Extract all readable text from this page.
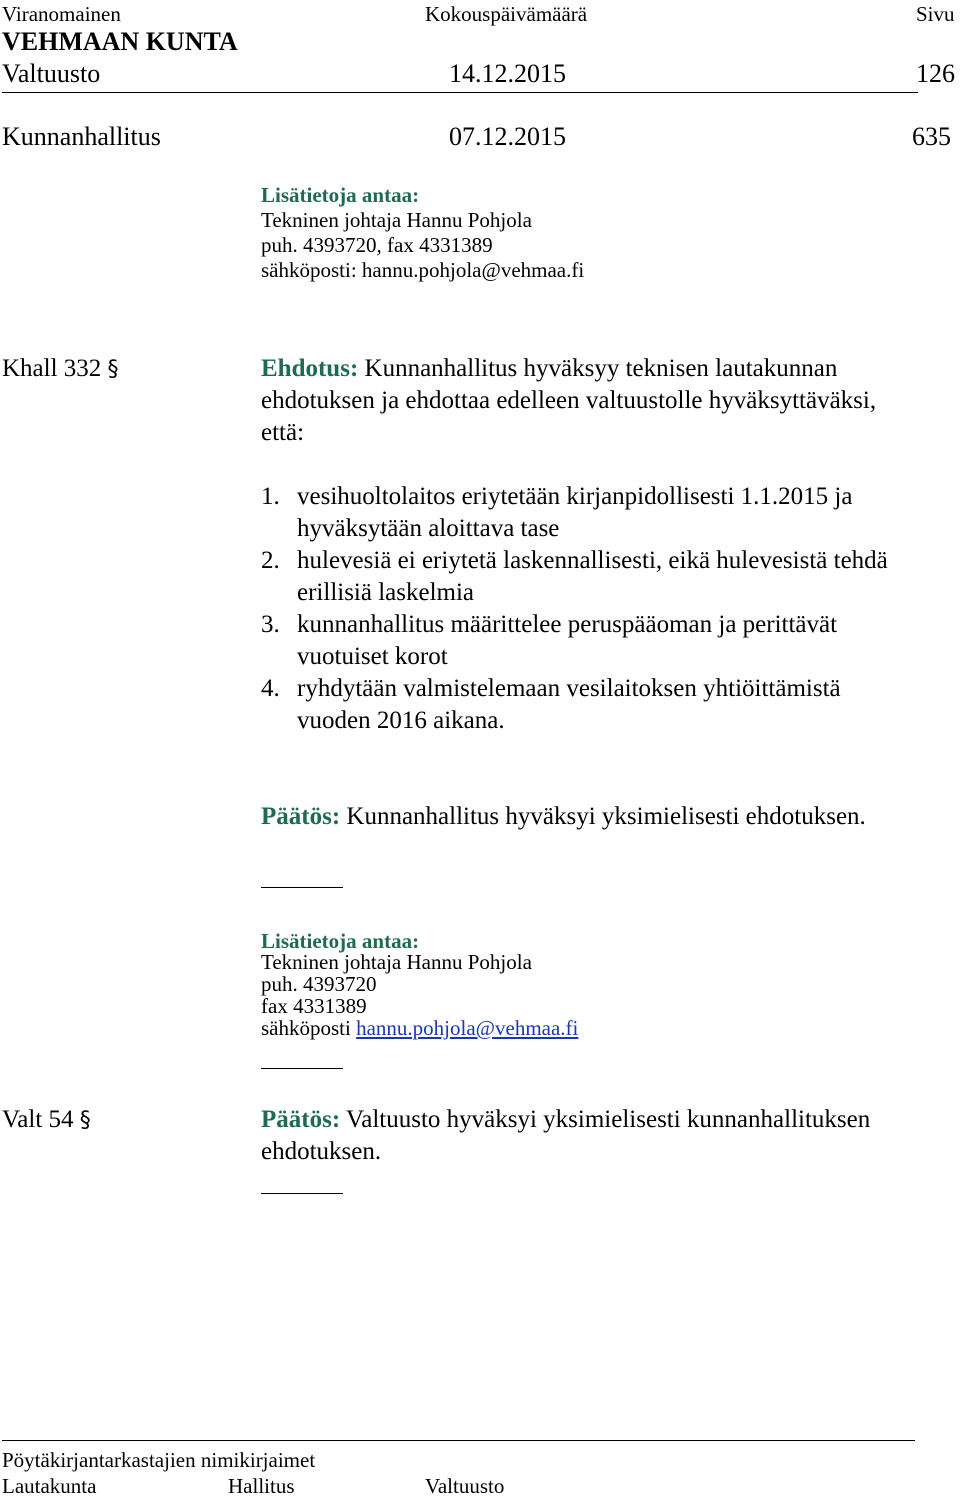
Viranomainen	Kokouspäivämäärä	Sivu
VEHMAAN KUNTA
Valtuusto	14.12.2015	126
Kunnanhallitus	07.12.2015	635
Lisätietoja antaa:
Tekninen johtaja Hannu Pohjola
puh. 4393720, fax 4331389
sähköposti: hannu.pohjola@vehmaa.fi
Khall 332 §	Ehdotus: Kunnanhallitus hyväksyy teknisen lautakunnan
ehdotuksen ja ehdottaa edelleen valtuustolle hyväksyttäväksi,
että:
1. vesihuoltolaitos eriytetään kirjanpidollisesti 1.1.2015 ja
hyväksytään aloittava tase
2. hulevesiä ei eriytetä laskennallisesti, eikä hulevesistä tehdä
erillisiä laskelmia
3. kunnanhallitus määrittelee peruspääoman ja perittävät
vuotuiset korot
4. ryhdytään valmistelemaan vesilaitoksen yhtiöittämistä
vuoden 2016 aikana.
Päätös: Kunnanhallitus hyväksyi yksimielisesti ehdotuksen.
Lisätietoja antaa:
Tekninen johtaja Hannu Pohjola
puh. 4393720
fax 4331389
sähköposti hannu.pohjola@vehmaa.fi
Valt 54 §	Päätös: Valtuusto hyväksyi yksimielisesti kunnanhallituksen
ehdotuksen.
Pöytäkirjantarkastajien nimikirjaimet
Lautakunta	Hallitus	Valtuusto
